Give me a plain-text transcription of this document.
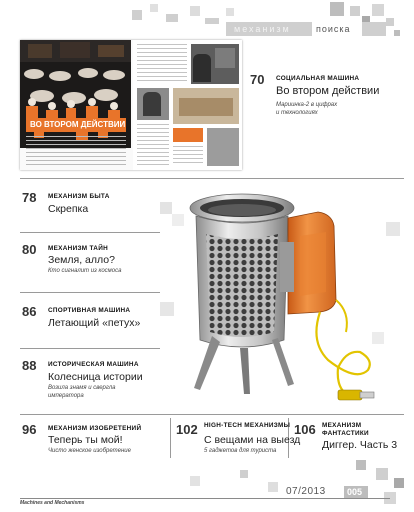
механизм	поиска
ВО ВТОРОМ ДЕЙСТВИИ
70 СОЦИАЛЬНАЯ МАШИНА
Во втором действии
Мариинка-2 в цифрах
и технологиях
78 МЕХАНИЗМ БЫТА
Скрепка
80 МЕХАНИЗМ ТАЙН
Земля, алло?
Кто сигналит из космоса
86 СПОРТИВНАЯ МАШИНА
Летающий «петух»
88 ИСТОРИЧЕСКАЯ МАШИНА
Колесница истории
Возила знамя и свергла
императора
96 МЕХАНИЗМ ИЗОБРЕТЕНИЙ
Теперь ты мой!
Чисто женское изобретение
102 HIGH-TECH МЕХАНИЗМЫ
С вещами на выезд
5 гаджетов для туриста
106 МЕХАНИЗМ
ФАНТАСТИКИ
Диггер. Часть 3
Machines and Mechanisms
07/2013 005
